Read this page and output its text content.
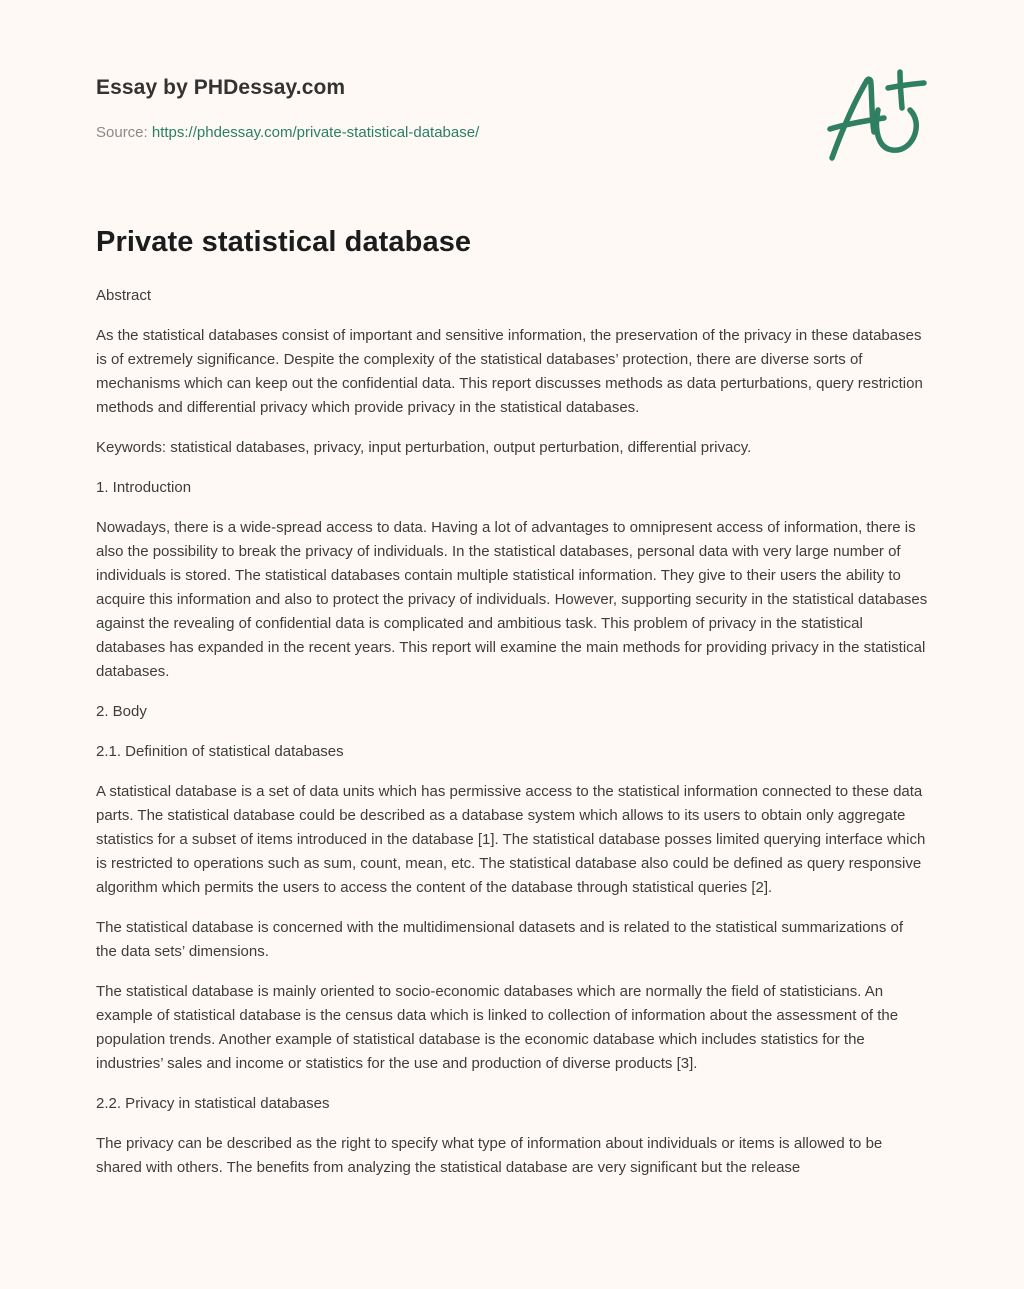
Essay by PHDessay.com
Source: https://phdessay.com/private-statistical-database/
Private statistical database

Abstract

As the statistical databases consist of important and sensitive information, the preservation of the privacy in these databases is of extremely significance. Despite the complexity of the statistical databases’ protection, there are diverse sorts of mechanisms which can keep out the confidential data. This report discusses methods as data perturbations, query restriction methods and differential privacy which provide privacy in the statistical databases.

Keywords: statistical databases, privacy, input perturbation, output perturbation, differential privacy.

1. Introduction

Nowadays, there is a wide-spread access to data. Having a lot of advantages to omnipresent access of information, there is also the possibility to break the privacy of individuals. In the statistical databases, personal data with very large number of individuals is stored. The statistical databases contain multiple statistical information. They give to their users the ability to acquire this information and also to protect the privacy of individuals. However, supporting security in the statistical databases against the revealing of confidential data is complicated and ambitious task. This problem of privacy in the statistical databases has expanded in the recent years. This report will examine the main methods for providing privacy in the statistical databases.

2. Body

2.1. Definition of statistical databases

A statistical database is a set of data units which has permissive access to the statistical information connected to these data parts. The statistical database could be described as a database system which allows to its users to obtain only aggregate statistics for a subset of items introduced in the database [1]. The statistical database posses limited querying interface which is restricted to operations such as sum, count, mean, etc. The statistical database also could be defined as query responsive algorithm which permits the users to access the content of the database through statistical queries [2].

The statistical database is concerned with the multidimensional datasets and is related to the statistical summarizations of the data sets’ dimensions.

The statistical database is mainly oriented to socio-economic databases which are normally the field of statisticians. An example of statistical database is the census data which is linked to collection of information about the assessment of the population trends. Another example of statistical database is the economic database which includes statistics for the industries’ sales and income or statistics for the use and production of diverse products [3].

2.2. Privacy in statistical databases

The privacy can be described as the right to specify what type of information about individuals or items is allowed to be shared with others. The benefits from analyzing the statistical database are very significant but the release
